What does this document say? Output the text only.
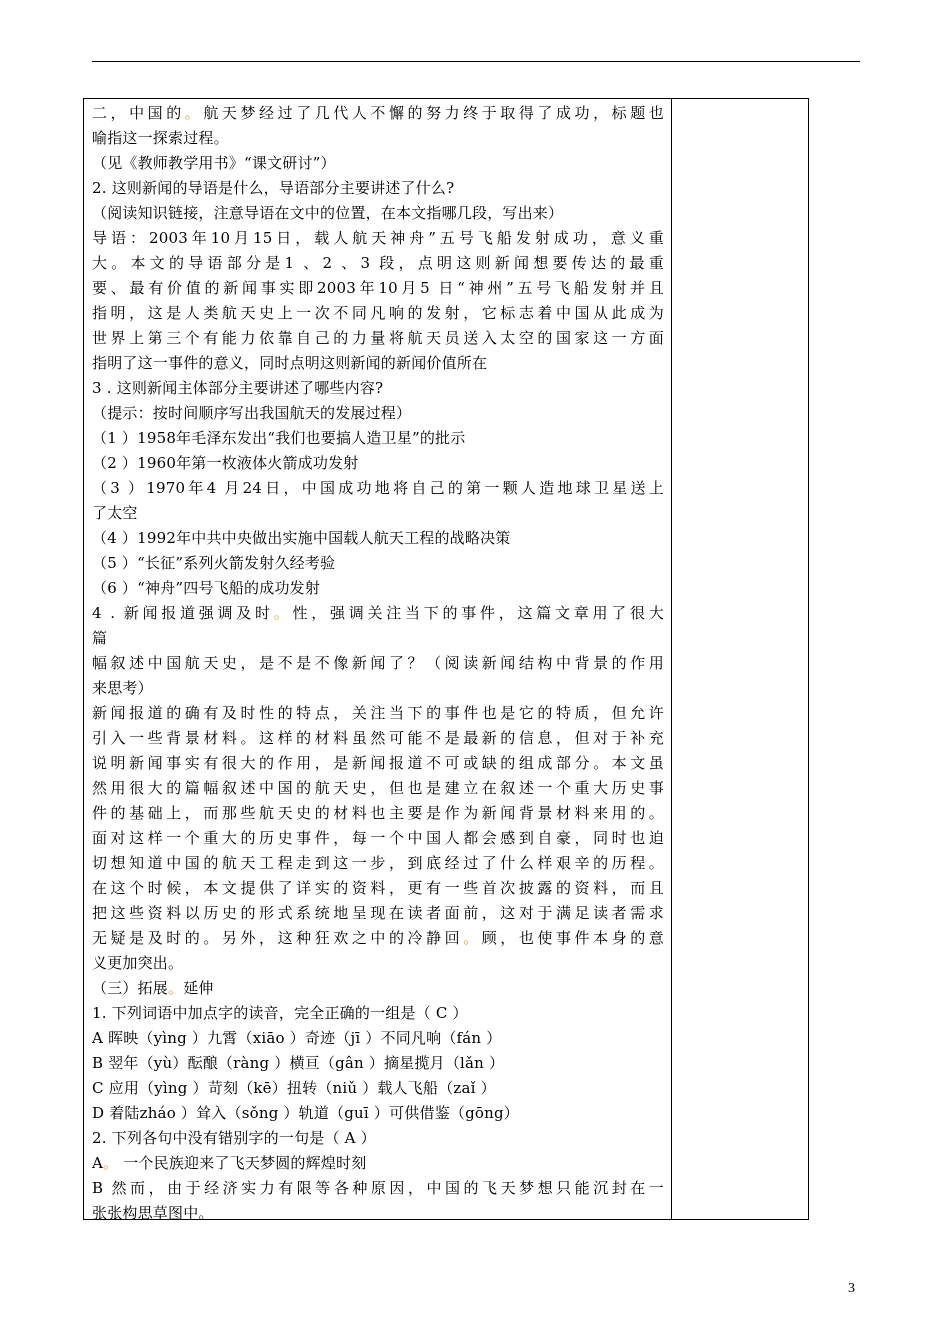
二，中国的。航天梦经过了几代人不懈的努力终于取得了成功，标题也
喻指这一探索过程。
（见《教师教学用书》“课文研讨”）
2. 这则新闻的导语是什么，导语部分主要讲述了什么?
（阅读知识链接，注意导语在文中的位置，在本文指哪几段，写出来）
导语：2003年10月15日，载人航天神舟”五号飞船发射成功，意义重
大。本文的导语部分是1 、2 、3 段，点明这则新闻想要传达的最重
要、最有价值的新闻事实即2003年10月5 日“神州”五号飞船发射并且
指明，这是人类航天史上一次不同凡响的发射，它标志着中国从此成为
世界上第三个有能力依靠自己的力量将航天员送入太空的国家这一方面
指明了这一事件的意义，同时点明这则新闻的新闻价值所在
3 . 这则新闻主体部分主要讲述了哪些内容?
（提示：按时间顺序写出我国航天的发展过程）
（1 ）1958年毛泽东发出“我们也要搞人造卫星”的批示
（2 ）1960年第一枚液体火箭成功发射
（3 ）1970年4 月24日，中国成功地将自己的第一颗人造地球卫星送上
了太空
（4 ）1992年中共中央做出实施中国载人航天工程的战略决策
（5 ）“长征”系列火箭发射久经考验
（6 ）“神舟”四号飞船的成功发射
4 . 新闻报道强调及时。性，强调关注当下的事件，这篇文章用了很大
篇
幅叙述中国航天史，是不是不像新闻了？（阅读新闻结构中背景的作用
来思考）
新闻报道的确有及时性的特点，关注当下的事件也是它的特质，但允许
引入一些背景材料。这样的材料虽然可能不是最新的信息，但对于补充
说明新闻事实有很大的作用，是新闻报道不可或缺的组成部分。本文虽
然用很大的篇幅叙述中国的航天史，但也是建立在叙述一个重大历史事
件的基础上，而那些航天史的材料也主要是作为新闻背景材料来用的。
面对这样一个重大的历史事件，每一个中国人都会感到自豪，同时也迫
切想知道中国的航天工程走到这一步，到底经过了什么样艰辛的历程。
在这个时候，本文提供了详实的资料，更有一些首次披露的资料，而且
把这些资料以历史的形式系统地呈现在读者面前，这对于满足读者需求
无疑是及时的。另外，这种狂欢之中的冷静回。顾，也使事件本身的意
义更加突出。
（三）拓展。延伸
1. 下列词语中加点字的读音，完全正确的一组是（ C ）
A 晖映（yìng ）九霄（xiāo ）奇迹（jī ）不同凡响（fán ）
B 翌年（yù）酝酿（ràng ）横亘（gân ）摘星揽月（lǎn ）
C 应用（yìng ）苛刻（kē）扭转（niǔ ）载人飞船（zaǐ ）
D 着陆zháo ）耸入（sǒng ）轨道（guī ）可供借鉴（gōng）
2. 下列各句中没有错别字的一句是（ A ）
A。 一个民族迎来了飞天梦圆的辉煌时刻
B 然而，由于经济实力有限等各种原因，中国的飞天梦想只能沉封在一
张张构思草图中。
3
